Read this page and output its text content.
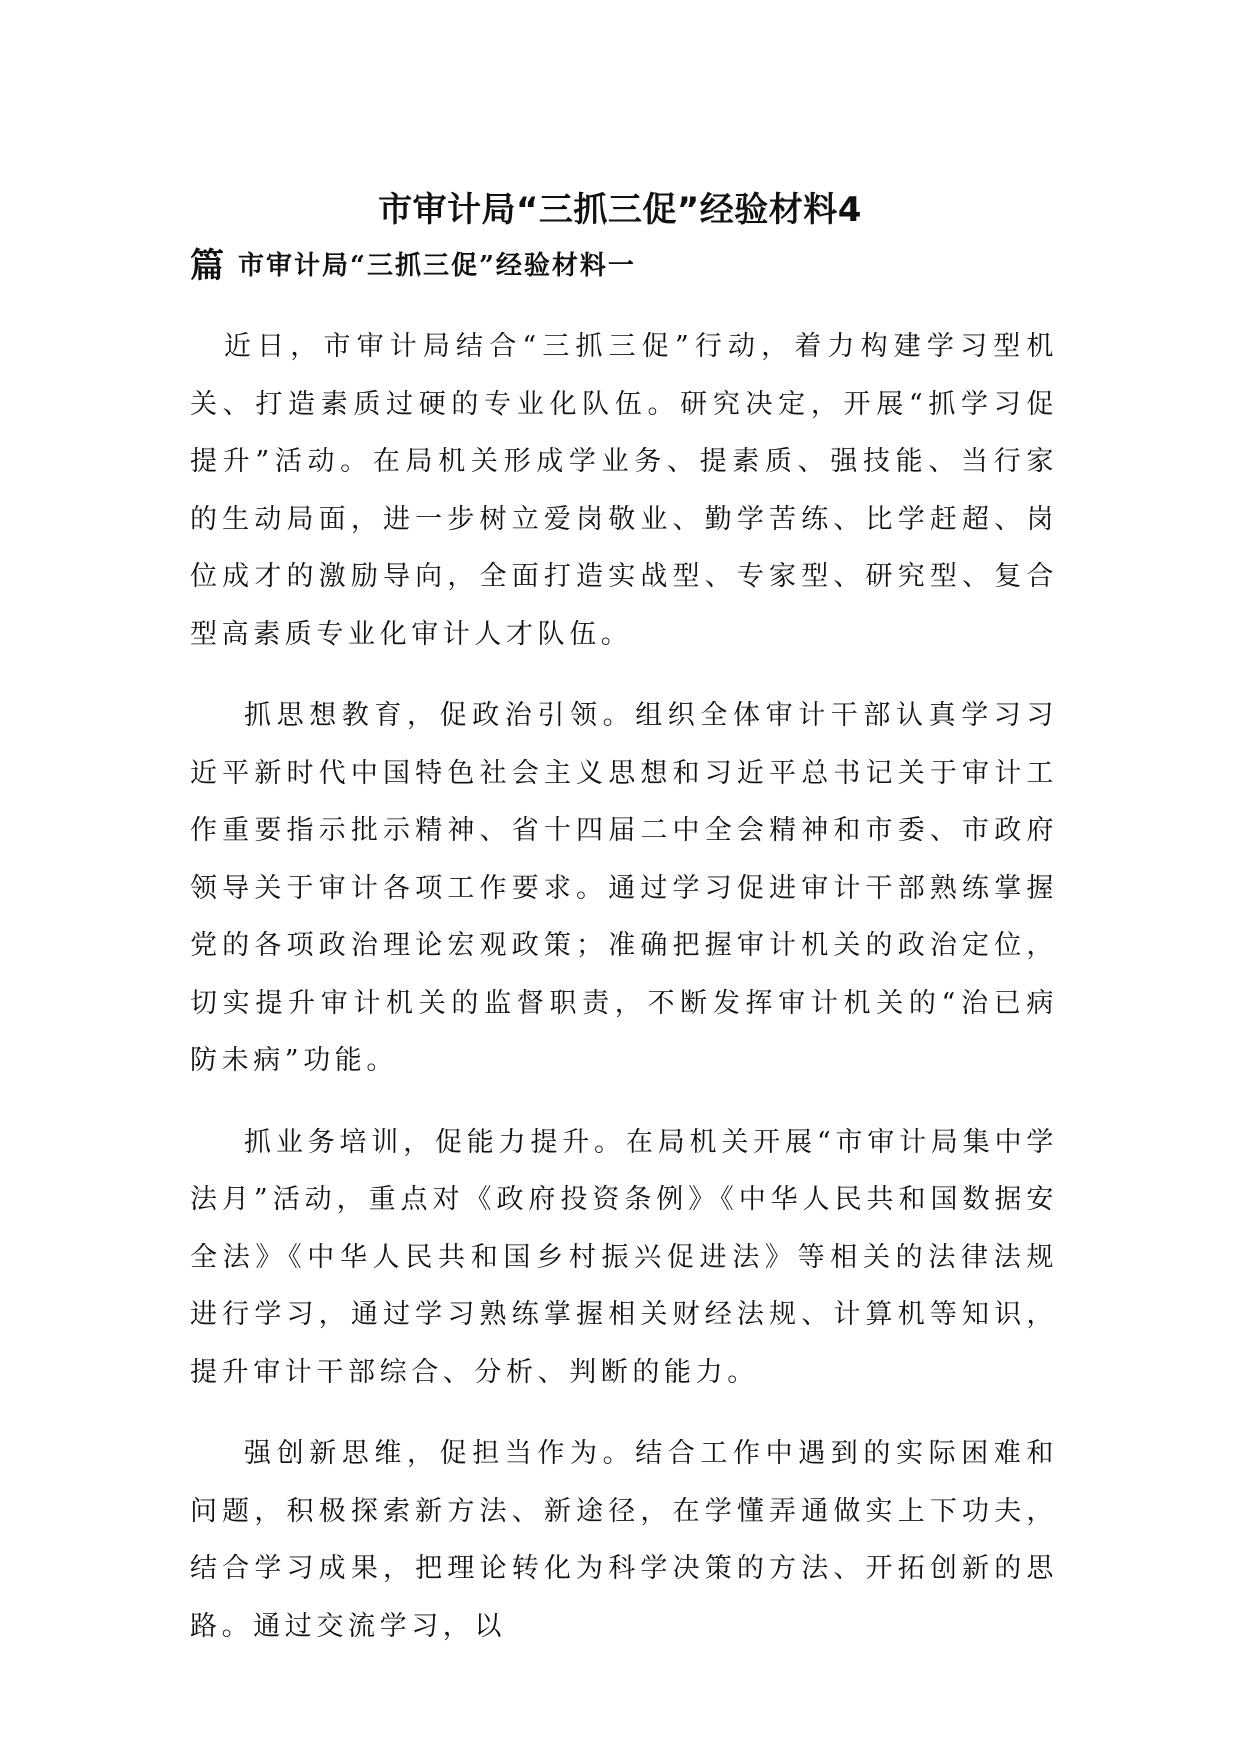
市审计局“三抓三促”经验材料4
篇 市审计局“三抓三促”经验材料一

近日，市审计局结合“三抓三促”行动，着力构建学习型机关、打造素质过硬的专业化队伍。研究决定，开展“抓学习促提升”活动。在局机关形成学业务、提素质、强技能、当行家的生动局面，进一步树立爱岗敬业、勤学苦练、比学赶超、岗位成才的激励导向，全面打造实战型、专家型、研究型、复合型高素质专业化审计人才队伍。

抓思想教育，促政治引领。组织全体审计干部认真学习习近平新时代中国特色社会主义思想和习近平总书记关于审计工作重要指示批示精神、省十四届二中全会精神和市委、市政府领导关于审计各项工作要求。通过学习促进审计干部熟练掌握党的各项政治理论宏观政策；准确把握审计机关的政治定位，切实提升审计机关的监督职责，不断发挥审计机关的“治已病防未病”功能。

抓业务培训，促能力提升。在局机关开展“市审计局集中学法月”活动，重点对《政府投资条例》《中华人民共和国数据安全法》《中华人民共和国乡村振兴促进法》等相关的法律法规进行学习，通过学习熟练掌握相关财经法规、计算机等知识，提升审计干部综合、分析、判断的能力。

强创新思维，促担当作为。结合工作中遇到的实际困难和问题，积极探索新方法、新途径，在学懂弄通做实上下功夫，结合学习成果，把理论转化为科学决策的方法、开拓创新的思路。通过交流学习，以
